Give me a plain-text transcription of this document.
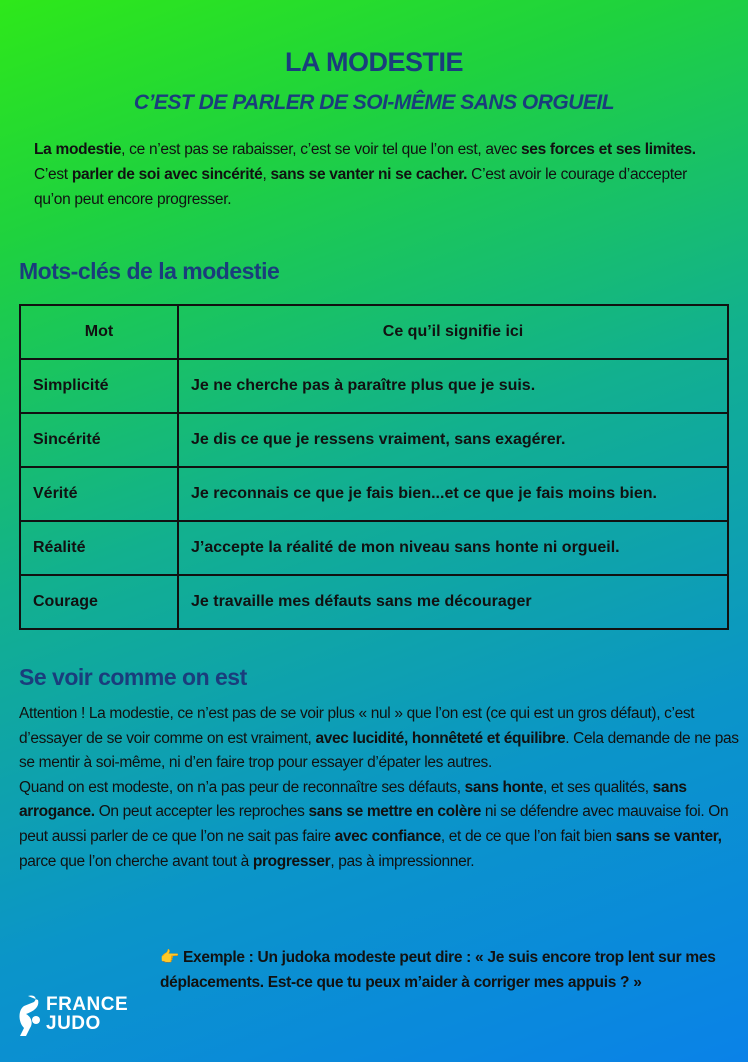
LA MODESTIE
C’EST DE PARLER DE SOI-MÊME SANS ORGUEIL

La modestie, ce n’est pas se rabaisser, c’est se voir tel que l’on est, avec ses forces et ses limites. C’est parler de soi avec sincérité, sans se vanter ni se cacher. C’est avoir le courage d’accepter qu’on peut encore progresser.

Mots-clés de la modestie
Mot	Ce qu’il signifie ici
Simplicité	Je ne cherche pas à paraître plus que je suis.
Sincérité	Je dis ce que je ressens vraiment, sans exagérer.
Vérité	Je reconnais ce que je fais bien...et ce que je fais moins bien.
Réalité	J’accepte la réalité de mon niveau sans honte ni orgueil.
Courage	Je travaille mes défauts sans me décourager
Se voir comme on est
Attention ! La modestie, ce n’est pas de se voir plus « nul » que l’on est (ce qui est un gros défaut), c’est d’essayer de se voir comme on est vraiment, avec lucidité, honnêteté et équilibre. Cela demande de ne pas se mentir à soi-même, ni d’en faire trop pour essayer d’épater les autres.
Quand on est modeste, on n’a pas peur de reconnaître ses défauts, sans honte, et ses qualités, sans arrogance. On peut accepter les reproches sans se mettre en colère ni se défendre avec mauvaise foi. On peut aussi parler de ce que l’on ne sait pas faire avec confiance, et de ce que l’on fait bien sans se vanter, parce que l’on cherche avant tout à progresser, pas à impressionner.
👉 Exemple : Un judoka modeste peut dire : « Je suis encore trop lent sur mes déplacements. Est-ce que tu peux m’aider à corriger mes appuis ? »
FRANCE
JUDO
